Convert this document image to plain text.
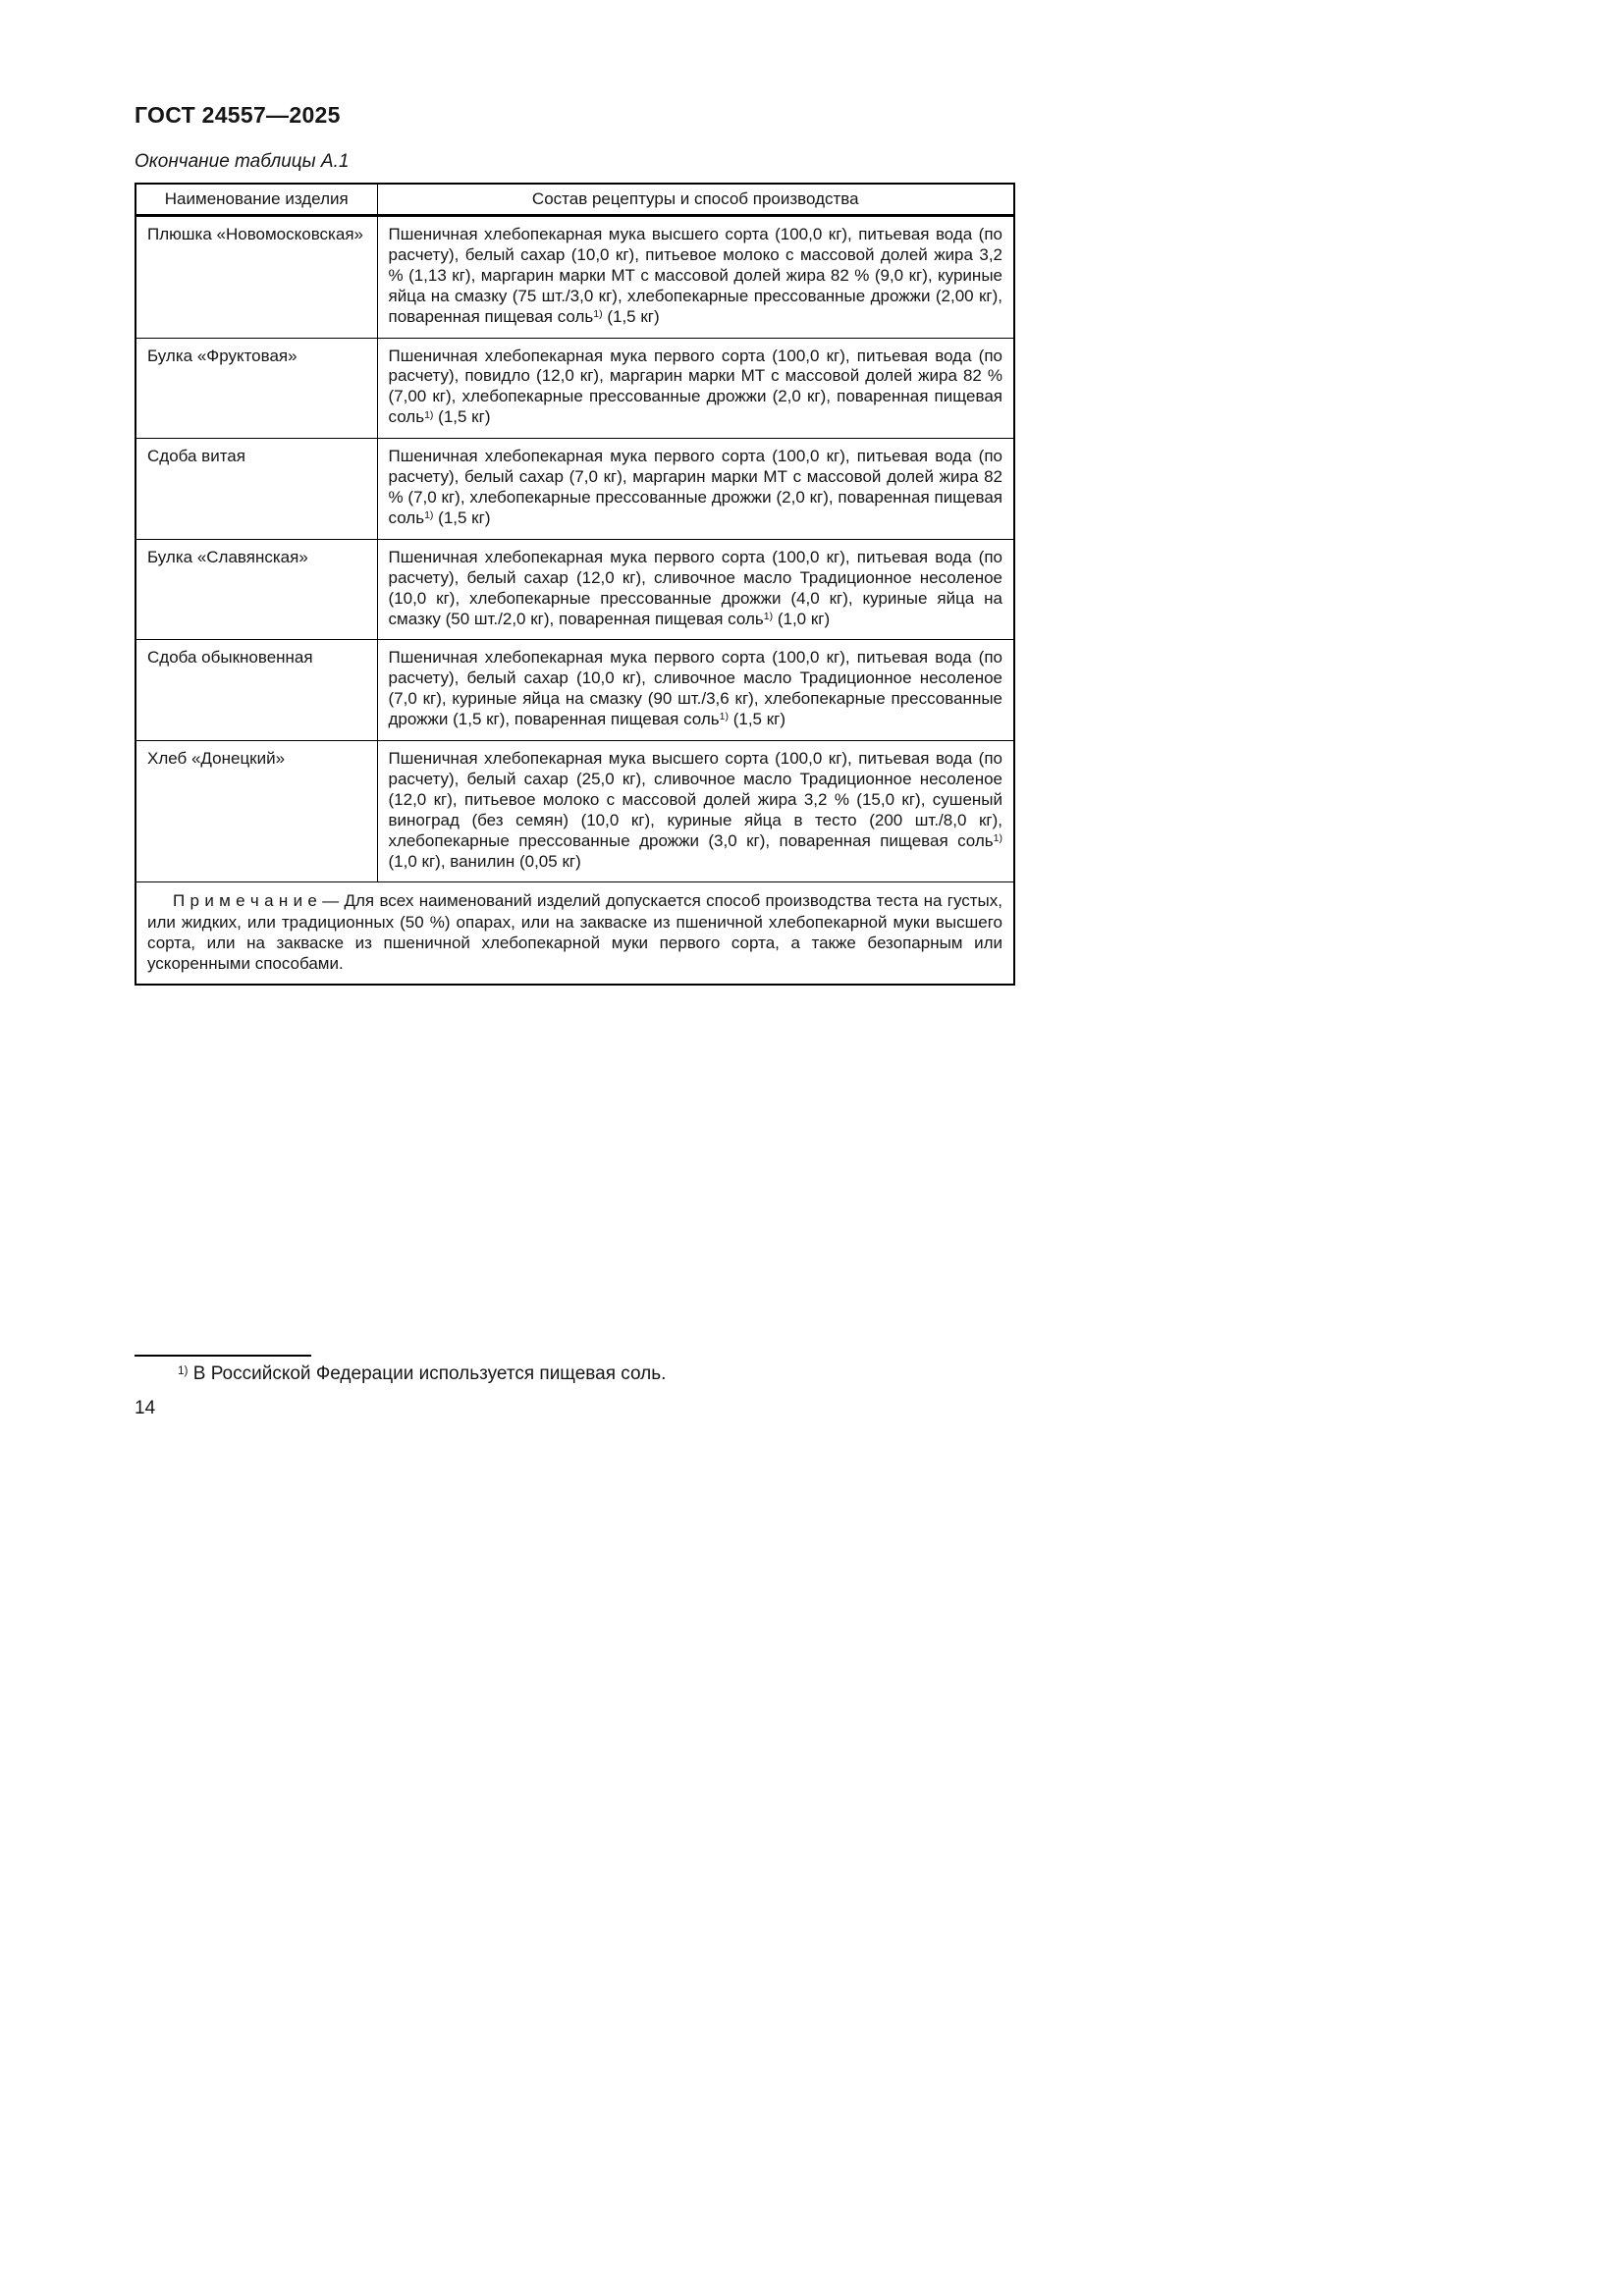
ГОСТ 24557—2025
Окончание таблицы А.1
Наименование изделия	Состав рецептуры и способ производства
Плюшка «Новомосковская»	Пшеничная хлебопекарная мука высшего сорта (100,0 кг), питьевая вода (по расчету), белый сахар (10,0 кг), питьевое молоко с массовой долей жира 3,2 % (1,13 кг), маргарин марки МТ с массовой долей жира 82 % (9,0 кг), куриные яйца на смазку (75 шт./3,0 кг), хлебопекарные прессованные дрожжи (2,00 кг), поваренная пищевая соль$^{1)}$ (1,5 кг)
Булка «Фруктовая»	Пшеничная хлебопекарная мука первого сорта (100,0 кг), питьевая вода (по расчету), повидло (12,0 кг), маргарин марки МТ с массовой долей жира 82 % (7,00 кг), хлебопекарные прессованные дрожжи (2,0 кг), поваренная пищевая соль$^{1)}$ (1,5 кг)
Сдоба витая	Пшеничная хлебопекарная мука первого сорта (100,0 кг), питьевая вода (по расчету), белый сахар (7,0 кг), маргарин марки МТ с массовой долей жира 82 % (7,0 кг), хлебопекарные прессованные дрожжи (2,0 кг), поваренная пищевая соль$^{1)}$ (1,5 кг)
Булка «Славянская»	Пшеничная хлебопекарная мука первого сорта (100,0 кг), питьевая вода (по расчету), белый сахар (12,0 кг), сливочное масло Традиционное несоленое (10,0 кг), хлебопекарные прессованные дрожжи (4,0 кг), куриные яйца на смазку (50 шт./2,0 кг), поваренная пищевая соль$^{1)}$ (1,0 кг)
Сдоба обыкновенная	Пшеничная хлебопекарная мука первого сорта (100,0 кг), питьевая вода (по расчету), белый сахар (10,0 кг), сливочное масло Традиционное несоленое (7,0 кг), куриные яйца на смазку (90 шт./3,6 кг), хлебопекарные прессованные дрожжи (1,5 кг), поваренная пищевая соль$^{1)}$ (1,5 кг)
Хлеб «Донецкий»	Пшеничная хлебопекарная мука высшего сорта (100,0 кг), питьевая вода (по расчету), белый сахар (25,0 кг), сливочное масло Традиционное несоленое (12,0 кг), питьевое молоко с массовой долей жира 3,2 % (15,0 кг), сушеный виноград (без семян) (10,0 кг), куриные яйца в тесто (200 шт./8,0 кг), хлебопекарные прессованные дрожжи (3,0 кг), поваренная пищевая соль$^{1)}$ (1,0 кг), ванилин (0,05 кг)

П р и м е ч а н и е — Для всех наименований изделий допускается способ производства теста на густых, или жидких, или традиционных (50 %) опарах, или на закваске из пшеничной хлебопекарной муки высшего сорта, или на закваске из пшеничной хлебопекарной муки первого сорта, а также безопарным или ускоренными способами.	

$^{1)}$ В Российской Федерации используется пищевая соль.
14
